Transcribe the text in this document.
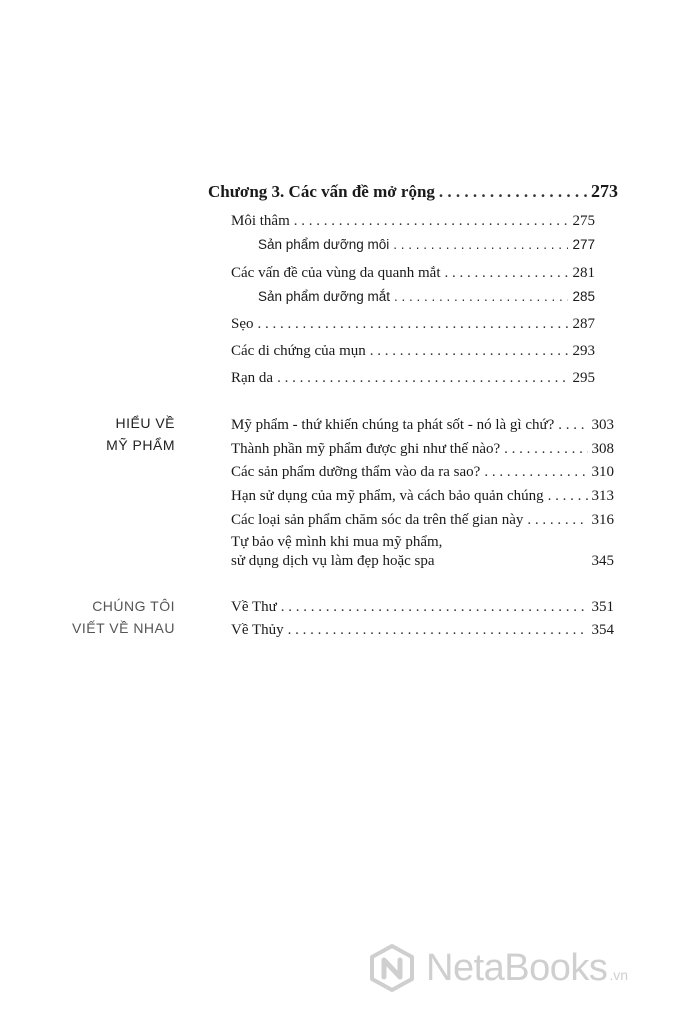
Chương 3. Các vấn đề mở rộng . . .	273
Môi thâm . . .	275
Sản phẩm dưỡng môi . . .	277
Các vấn đề của vùng da quanh mắt . . .	281
Sản phẩm dưỡng mắt . . .	285
Sẹo . . .	287
Các di chứng của mụn . . .	293
Rạn da . . .	295
HIỂU VỀ
MỸ PHẨM
Mỹ phẩm - thứ khiến chúng ta phát sốt - nó là gì chứ? . . . 303
Thành phần mỹ phẩm được ghi như thế nào? . . .	308
Các sản phẩm dưỡng thẩm vào da ra sao? . . .	310
Hạn sử dụng của mỹ phẩm, và cách bảo quản chúng . . .	313
Các loại sản phẩm chăm sóc da trên thế gian này . . .	316
Tự bảo vệ mình khi mua mỹ phẩm,
sử dụng dịch vụ làm đẹp hoặc spa	345
CHÚNG TÔI
VIẾT VỀ NHAU
Về Thư . . .	351
Về Thủy . . .	354
NetaBooks .vn
